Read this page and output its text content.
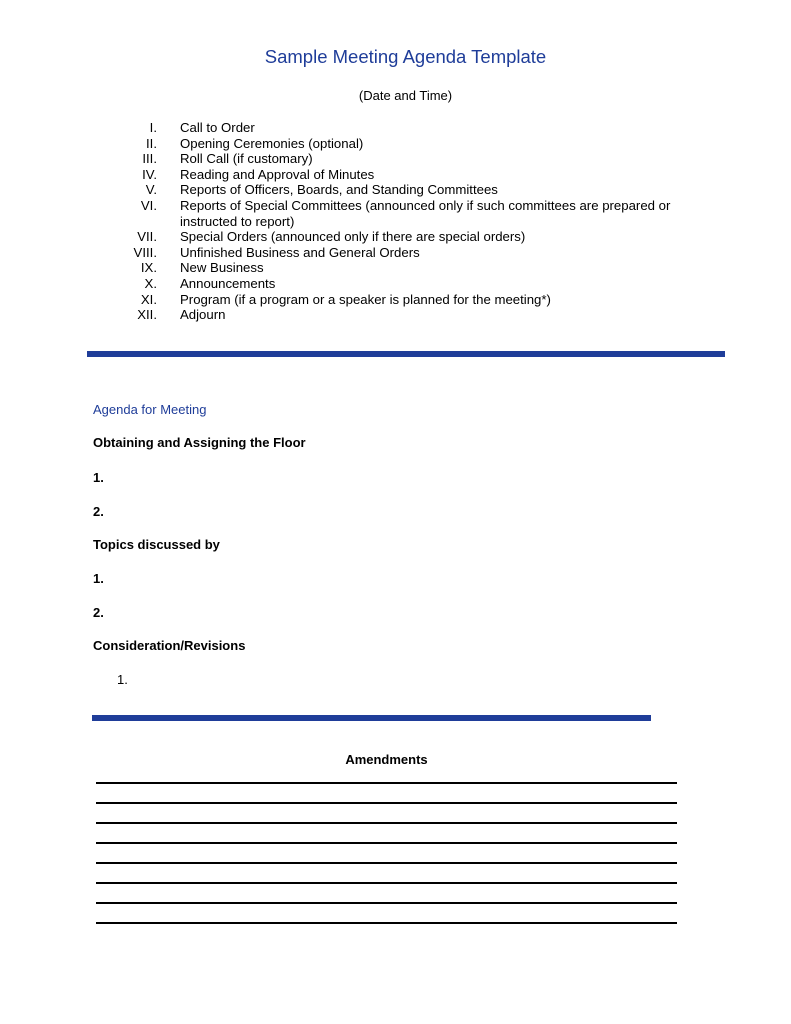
Sample Meeting Agenda Template
(Date and Time)
I.	Call to Order
II.	Opening Ceremonies (optional)
III.	Roll Call (if customary)
IV.	Reading and Approval of Minutes
V.	Reports of Officers, Boards, and Standing Committees
VI.	Reports of Special Committees (announced only if such committees are prepared or instructed to report)
VII.	Special Orders (announced only if there are special orders)
VIII.	Unfinished Business and General Orders
IX.	New Business
X.	Announcements
XI.	Program (if a program or a speaker is planned for the meeting*)
XII.	Adjourn
Agenda for Meeting
Obtaining and Assigning the Floor
1.
2.
Topics discussed by
1.
2.
Consideration/Revisions
1.
Amendments
